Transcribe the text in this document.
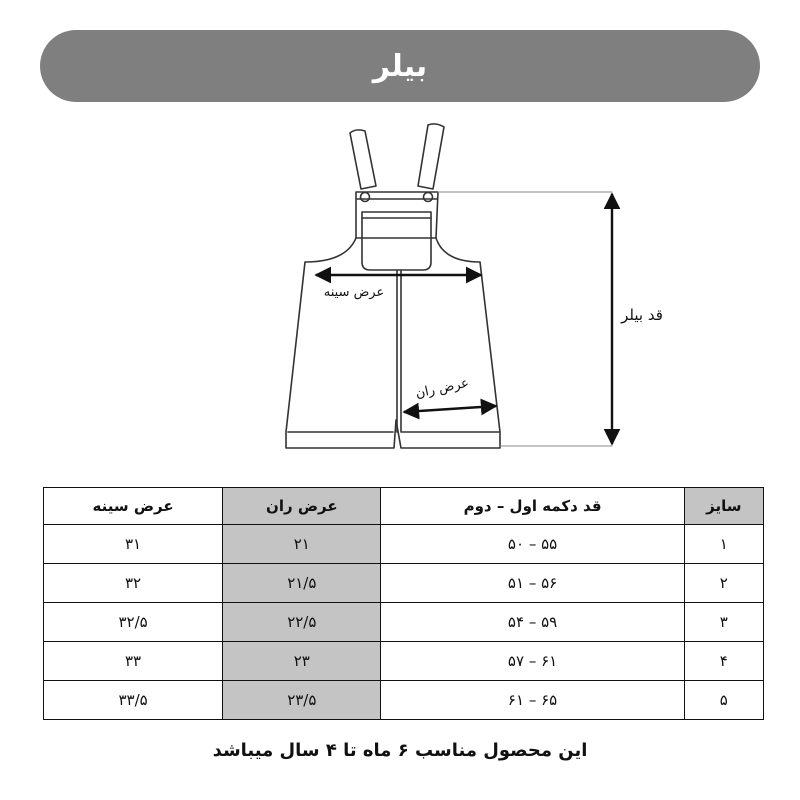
بیلر
عرض سینه
عرض ران
قد بیلر
سایز	قد دکمه اول – دوم	عرض ران	عرض سینه
۱	۵۵ – ۵۰	۲۱	۳۱
۲	۵۶ – ۵۱	۲۱/۵	۳۲
۳	۵۹ – ۵۴	۲۲/۵	۳۲/۵
۴	۶۱ – ۵۷	۲۳	۳۳
۵	۶۵ – ۶۱	۲۳/۵	۳۳/۵
این محصول مناسب ۶ ماه تا ۴ سال میباشد
